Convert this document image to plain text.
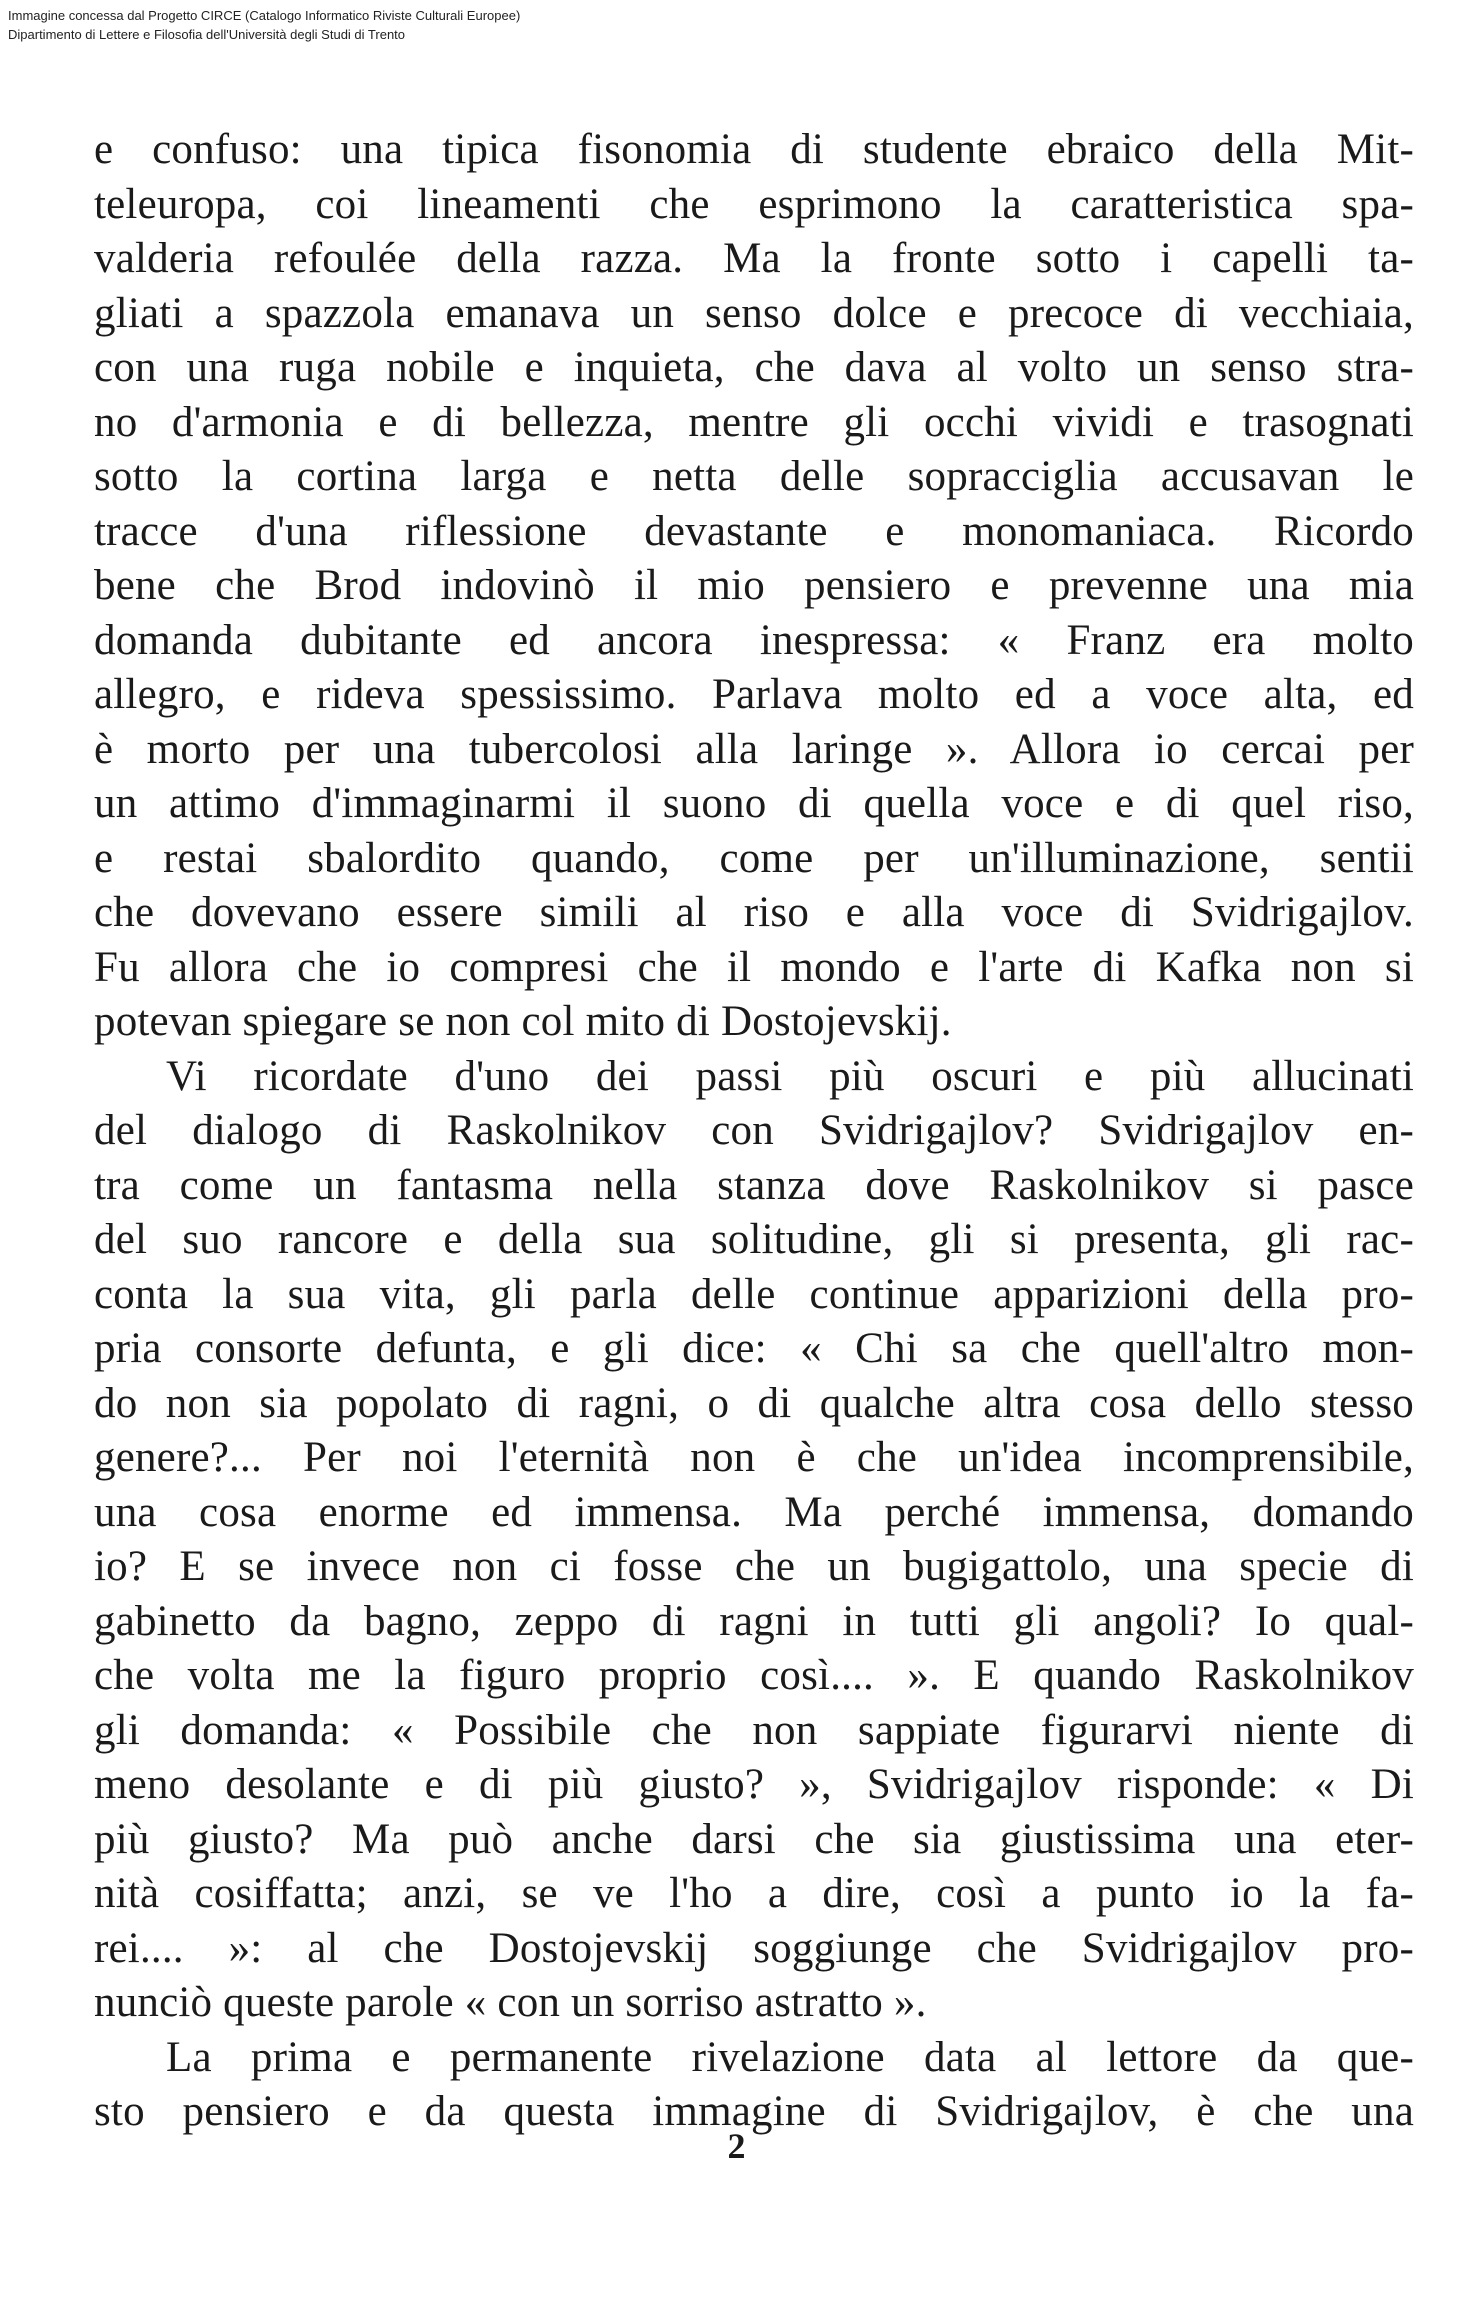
Immagine concessa dal Progetto CIRCE (Catalogo Informatico Riviste Culturali Europee)
Dipartimento di Lettere e Filosofia dell'Università degli Studi di Trento
e confuso: una tipica fisonomia di studente ebraico della Mit-
teleuropa, coi lineamenti che esprimono la caratteristica spa-
valderia refoulée della razza. Ma la fronte sotto i capelli ta-
gliati a spazzola emanava un senso dolce e precoce di vecchiaia,
con una ruga nobile e inquieta, che dava al volto un senso stra-
no d'armonia e di bellezza, mentre gli occhi vividi e trasognati
sotto la cortina larga e netta delle sopracciglia accusavan le
tracce d'una riflessione devastante e monomaniaca. Ricordo
bene che Brod indovinò il mio pensiero e prevenne una mia
domanda dubitante ed ancora inespressa: « Franz era molto
allegro, e rideva spessissimo. Parlava molto ed a voce alta, ed
è morto per una tubercolosi alla laringe ». Allora io cercai per
un attimo d'immaginarmi il suono di quella voce e di quel riso,
e restai sbalordito quando, come per un'illuminazione, sentii
che dovevano essere simili al riso e alla voce di Svidrigajlov.
Fu allora che io compresi che il mondo e l'arte di Kafka non si
potevan spiegare se non col mito di Dostojevskij.
Vi ricordate d'uno dei passi più oscuri e più allucinati
del dialogo di Raskolnikov con Svidrigajlov? Svidrigajlov en-
tra come un fantasma nella stanza dove Raskolnikov si pasce
del suo rancore e della sua solitudine, gli si presenta, gli rac-
conta la sua vita, gli parla delle continue apparizioni della pro-
pria consorte defunta, e gli dice: « Chi sa che quell'altro mon-
do non sia popolato di ragni, o di qualche altra cosa dello stesso
genere?... Per noi l'eternità non è che un'idea incomprensibile,
una cosa enorme ed immensa. Ma perché immensa, domando
io? E se invece non ci fosse che un bugigattolo, una specie di
gabinetto da bagno, zeppo di ragni in tutti gli angoli? Io qual-
che volta me la figuro proprio così.... ». E quando Raskolnikov
gli domanda: « Possibile che non sappiate figurarvi niente di
meno desolante e di più giusto? », Svidrigajlov risponde: « Di
più giusto? Ma può anche darsi che sia giustissima una eter-
nità cosiffatta; anzi, se ve l'ho a dire, così a punto io la fa-
rei.... »: al che Dostojevskij soggiunge che Svidrigajlov pro-
nunciò queste parole « con un sorriso astratto ».
La prima e permanente rivelazione data al lettore da que-
sto pensiero e da questa immagine di Svidrigajlov, è che una
2
